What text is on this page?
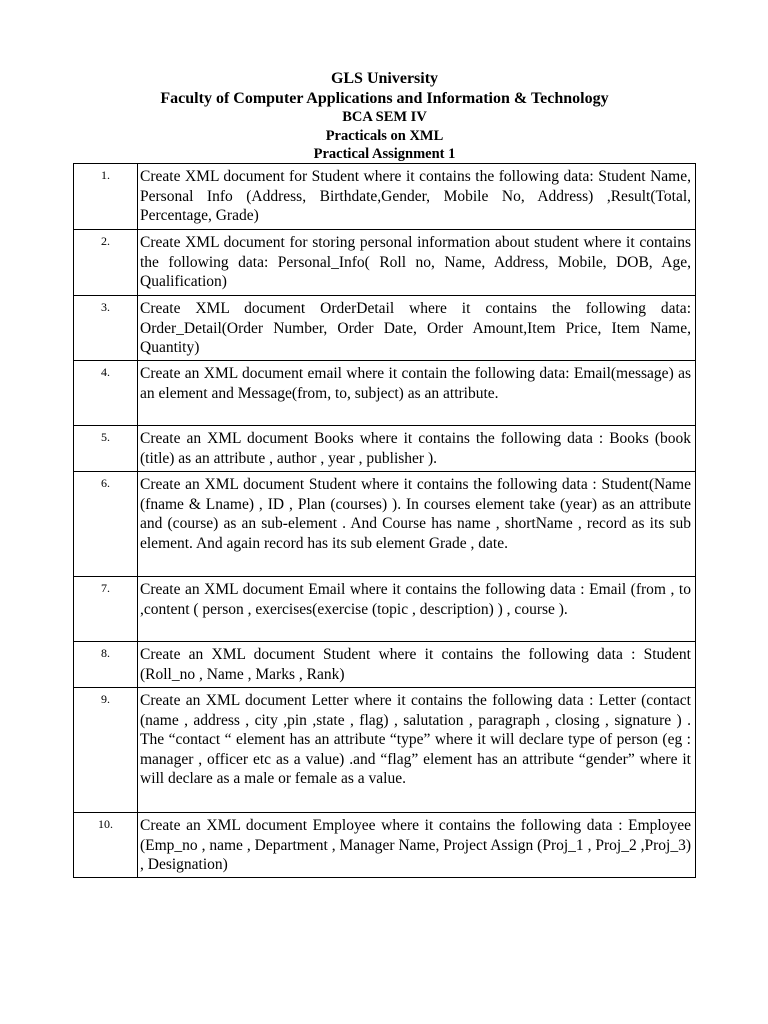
GLS University
Faculty of Computer Applications and Information & Technology
BCA SEM IV
Practicals on XML
Practical Assignment 1
1.	Create XML document for Student where it contains the following data: Student Name, Personal Info (Address, Birthdate,Gender, Mobile No, Address) ,Result(Total, Percentage, Grade)
2.	Create XML document for storing personal information about student where it contains the following data: Personal_Info( Roll no, Name, Address, Mobile, DOB, Age, Qualification)
3.	Create XML document OrderDetail where it contains the following data: Order_Detail(Order Number, Order Date, Order Amount,Item Price, Item Name, Quantity)
4.	Create an XML document email where it contain the following data: Email(message) as an element and Message(from, to, subject) as an attribute.
5.	Create an XML document Books where it contains the following data : Books (book (title) as an attribute , author , year , publisher ).
6.	Create an XML document Student where it contains the following data : Student(Name (fname & Lname) , ID , Plan (courses) ). In courses element take (year) as an attribute and (course) as an sub-element . And Course has name , shortName , record as its sub element. And again record has its sub element Grade , date.
7.	Create an XML document Email where it contains the following data : Email (from , to ,content ( person , exercises(exercise (topic , description) ) , course ).
8.	Create an XML document Student where it contains the following data : Student (Roll_no , Name , Marks , Rank)
9.	Create an XML document Letter where it contains the following data : Letter (contact (name , address , city ,pin ,state , flag) , salutation , paragraph , closing , signature ) . The “contact “ element has an attribute “type” where it will declare type of person (eg : manager , officer etc as a value) .and “flag” element has an attribute “gender” where it will declare as a male or female as a value.
10.	Create an XML document Employee where it contains the following data : Employee (Emp_no , name , Department , Manager Name, Project Assign (Proj_1 , Proj_2 ,Proj_3) , Designation)
